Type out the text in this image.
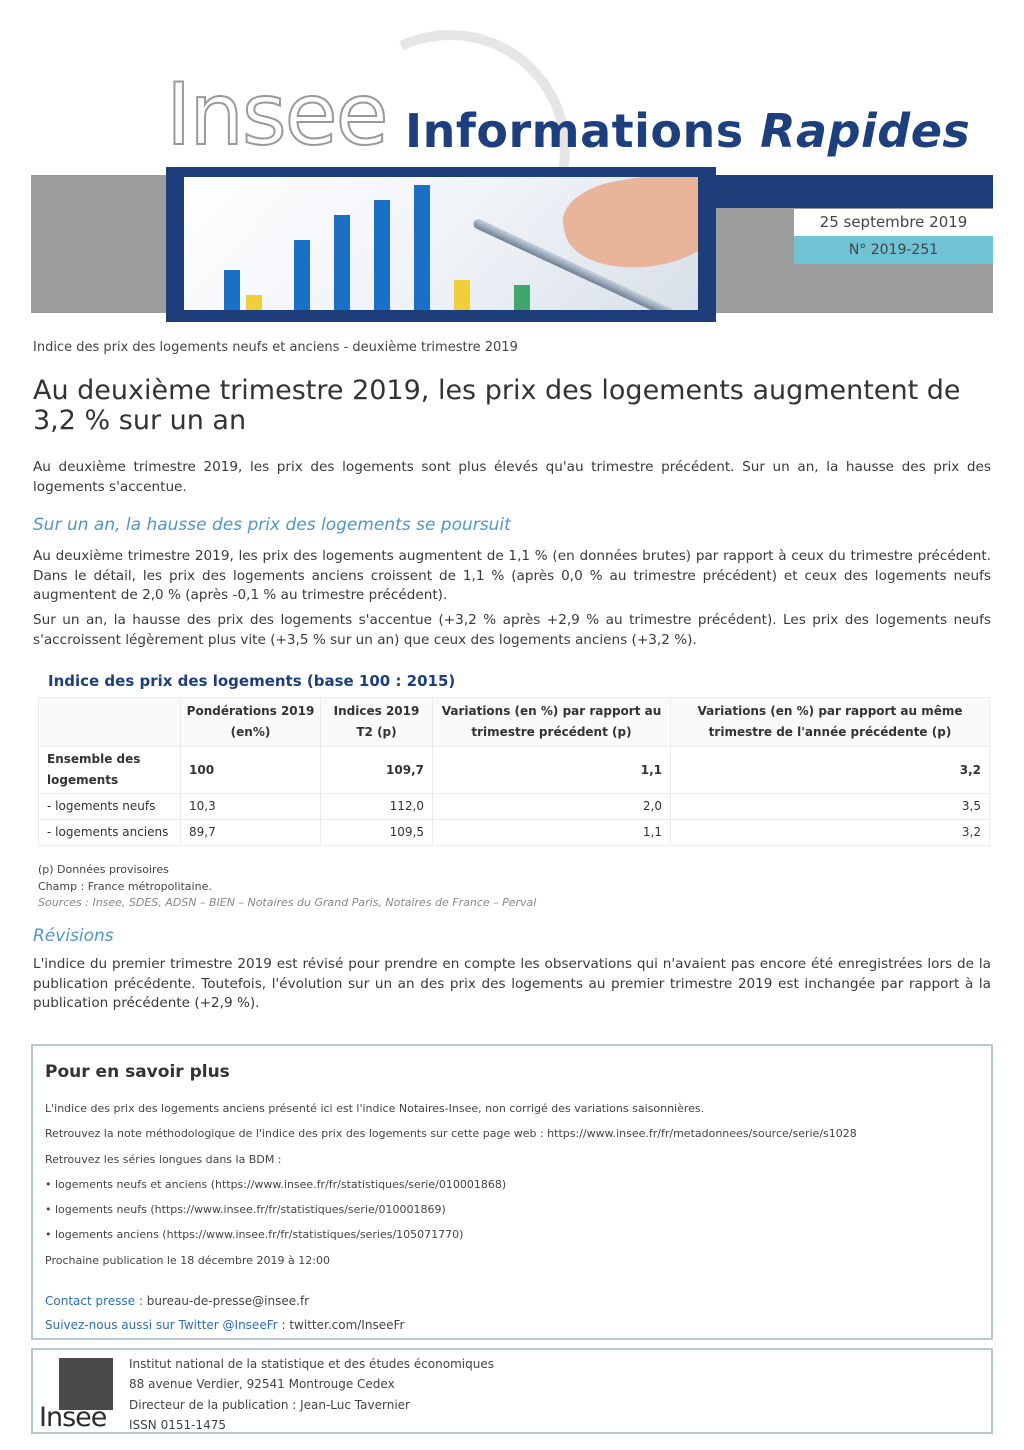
Insee Informations Rapides
25 septembre 2019
N° 2019-251
Indice des prix des logements neufs et anciens - deuxième trimestre 2019
Au deuxième trimestre 2019, les prix des logements augmentent de 3,2 % sur un an

Au deuxième trimestre 2019, les prix des logements sont plus élevés qu'au trimestre précédent. Sur un an, la hausse des prix des logements s'accentue.

Sur un an, la hausse des prix des logements se poursuit

Au deuxième trimestre 2019, les prix des logements augmentent de 1,1 % (en données brutes) par rapport à ceux du trimestre précédent. Dans le détail, les prix des logements anciens croissent de 1,1 % (après 0,0 % au trimestre précédent) et ceux des logements neufs augmentent de 2,0 % (après -0,1 % au trimestre précédent).

Sur un an, la hausse des prix des logements s'accentue (+3,2 % après +2,9 % au trimestre précédent). Les prix des logements neufs s'accroissent légèrement plus vite (+3,5 % sur un an) que ceux des logements anciens (+3,2 %).

Indice des prix des logements (base 100 : 2015)
	Pondérations 2019 (en%)	Indices 2019 T2 (p)	Variations (en %) par rapport au trimestre précédent (p)	Variations (en %) par rapport au même trimestre de l'année précédente (p)
Ensemble des logements	100	109,7	1,1	3,2
- logements neufs	10,3	112,0	2,0	3,5
- logements anciens	89,7	109,5	1,1	3,2
(p) Données provisoires
Champ : France métropolitaine.
Sources : Insee, SDES, ADSN – BIEN – Notaires du Grand Paris, Notaires de France – Perval
Révisions

L'indice du premier trimestre 2019 est révisé pour prendre en compte les observations qui n'avaient pas encore été enregistrées lors de la publication précédente. Toutefois, l'évolution sur un an des prix des logements au premier trimestre 2019 est inchangée par rapport à la publication précédente (+2,9 %).

Pour en savoir plus
L'indice des prix des logements anciens présenté ici est l'indice Notaires-Insee, non corrigé des variations saisonnières.
Retrouvez la note méthodologique de l'indice des prix des logements sur cette page web : https://www.insee.fr/fr/metadonnees/source/serie/s1028
Retrouvez les séries longues dans la BDM :
• logements neufs et anciens (https://www.insee.fr/fr/statistiques/serie/010001868)
• logements neufs (https://www.insee.fr/fr/statistiques/serie/010001869)
• logements anciens (https://www.insee.fr/fr/statistiques/series/105071770)
Prochaine publication le 18 décembre 2019 à 12:00
Contact presse : bureau-de-presse@insee.fr
Suivez-nous aussi sur Twitter @InseeFr : twitter.com/InseeFr
Insee
Institut national de la statistique et des études économiques
88 avenue Verdier, 92541 Montrouge Cedex
Directeur de la publication : Jean-Luc Tavernier
ISSN 0151-1475
